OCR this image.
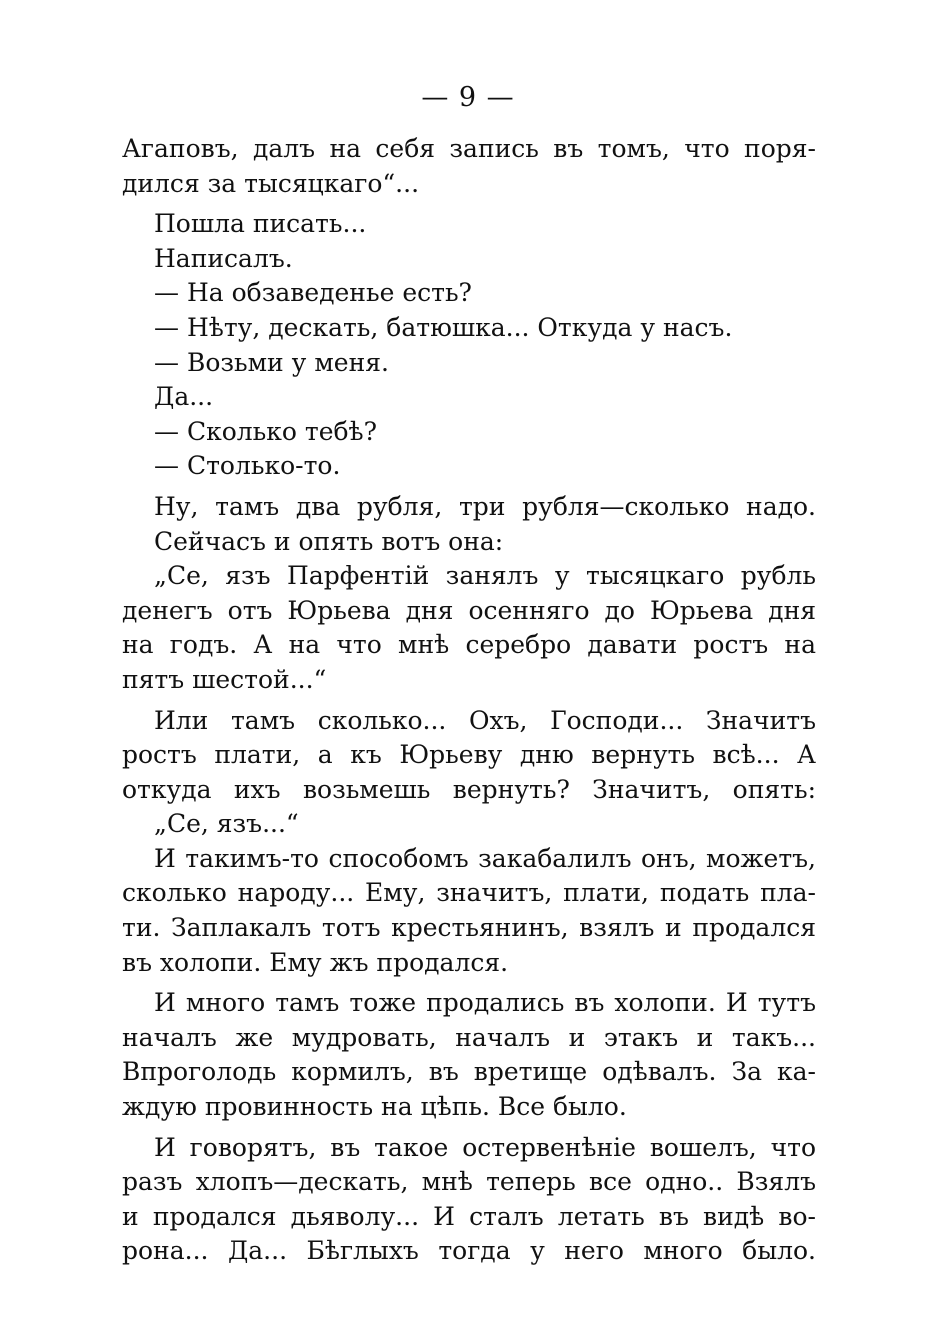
— 9 —
Агаповъ, далъ на себя запись въ томъ, что поря-
дился за тысяцкаго“...
Пошла писать...
Написалъ.
— На обзаведенье есть?
— Нѣту, дескать, батюшка... Откуда у насъ.
— Возьми у меня.
Да...
— Сколько тебѣ?
— Столько-то.
Ну, тамъ два рубля, три рубля—сколько надо.
Сейчасъ и опять вотъ она:
„Се, язъ Парфентій занялъ у тысяцкаго рубль
денегъ отъ Юрьева дня осенняго до Юрьева дня
на годъ. А на что мнѣ серебро давати ростъ на
пятъ шестой...“
Или тамъ сколько... Охъ, Господи... Значитъ
ростъ плати, а къ Юрьеву дню вернуть всѣ... А
откуда ихъ возьмешь вернуть? Значитъ, опять:
„Се, язъ...“
И такимъ-то способомъ закабалилъ онъ, можетъ,
сколько народу... Ему, значитъ, плати, подать пла-
ти. Заплакалъ тотъ крестьянинъ, взялъ и продался
въ холопи. Ему жъ продался.
И много тамъ тоже продались въ холопи. И тутъ
началъ же мудровать, началъ и этакъ и такъ...
Впроголодь кормилъ, въ вретище одѣвалъ. За ка-
ждую провинность на цѣпь. Все было.
И говорятъ, въ такое остервенѣніе вошелъ, что
разъ хлопъ—дескать, мнѣ теперь все одно.. Взялъ
и продался дьяволу... И сталъ летать въ видѣ во-
рона... Да... Бѣглыхъ тогда у него много было.
